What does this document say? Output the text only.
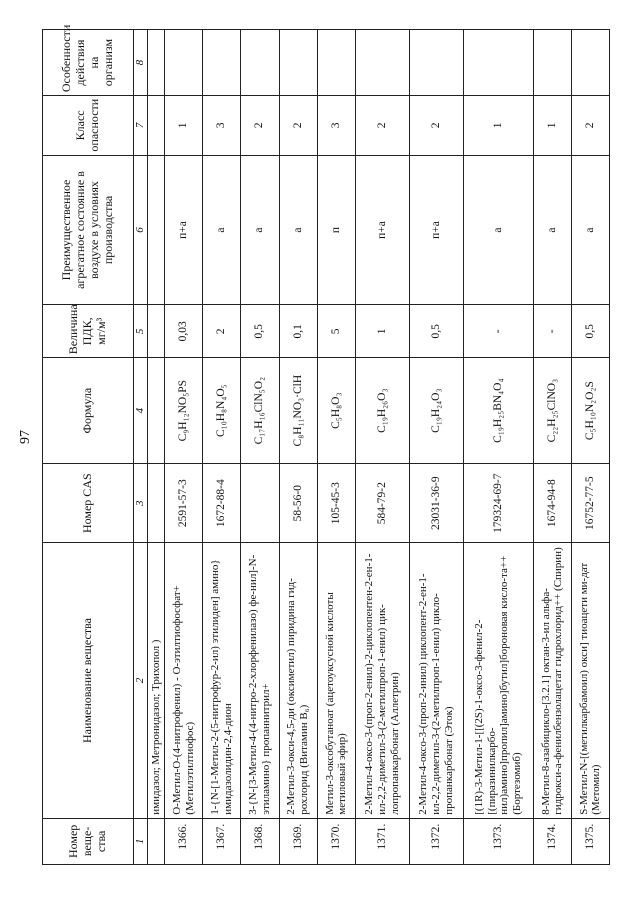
97
Номер веще-ства	Наименование вещества	Номер CAS	Формула	Величина ПДК, мг/м³	Преимущественное агрегатное состояние в воздухе в условиях производства	Класс опасности	Особенности действия на организм
1	2	3	4	5	6	7	8
	имидазол; Метронидазол; Трихопол )						
1366.	O-Метил-O-(4-нитрофенил) - O-этилтиофосфат+ (Метилэтилтиофос)	2591-57-3	C₉H₁₂NO₅PS	0,03	п+а	1	
1367.	1-{N-[1-Метил-2-(5-нитрофур-2-ил) этилиден] амино} имидазолидин-2,4-дион	1672-88-4	C₁₀H₈N₄O₅	2	а	3	
1368.	3-{N-[3-Метил-4-(4-нитро-2-хлорфенилазо) фе-нил]-N-этиламино} пропаннитрил+		C₁₇H₁₆ClN₅O₂	0,5	а	2	
1369.	2-Метил-3-окси-4,5-ди (оксиметил) пиридина гид-рохлорид (Витамин B₆)	58-56-0	C₈H₁₁NO₃·ClH	0,1	а	2	
1370.	Метил-3-оксобутаноат (ацетоуксусной кислоты метиловый эфир)	105-45-3	C₅H₈O₃	5	п	3	
1371.	2-Метил-4-оксо-3-(проп-2-енил)-2-циклопентен-2-ен-1-ил-2,2-диметил-3-(2-метилпроп-1-енил) цик-лопропанкарбонат (Аллетрин)	584-79-2	C₁₉H₂₆O₃	1	п+а	2	
1372.	2-Метил-4-оксо-3-(проп-2-инил) циклопент-2-ен-1-ил-2,2-диметил-3-(2-метилпроп-1-енил) цикло-пропанкарбонат (Эток)	23031-36-9	C₁₉H₂₄O₃	0,5	п+а	2	
1373.	[(1R)-3-Метил-1-[[(2S)-1-оксо-3-фенил-2-[(пиразинилкарбо-нил)амино]пропил]амино]бутил]бороновая кисло-та++ (Бортезомиб)	179324-69-7	C₁₉H₂₅BN₄O₄	-	а	1	
1374.	8-Метил-8-азабицикло-[3.2.1] октан-3-ил альфа-гидрокси-а-фенилбензолацетат гидрохлорид++ (Спирин)	1674-94-8	C₂₂H₂₅ClNO₃	-	а	1	
1375.	S-Метил-N-[(метилкарбамоил) окси] тиоацети ми-дат (Метомил)	16752-77-5	C₅H₁₀N₂O₂S	0,5	а	2	
